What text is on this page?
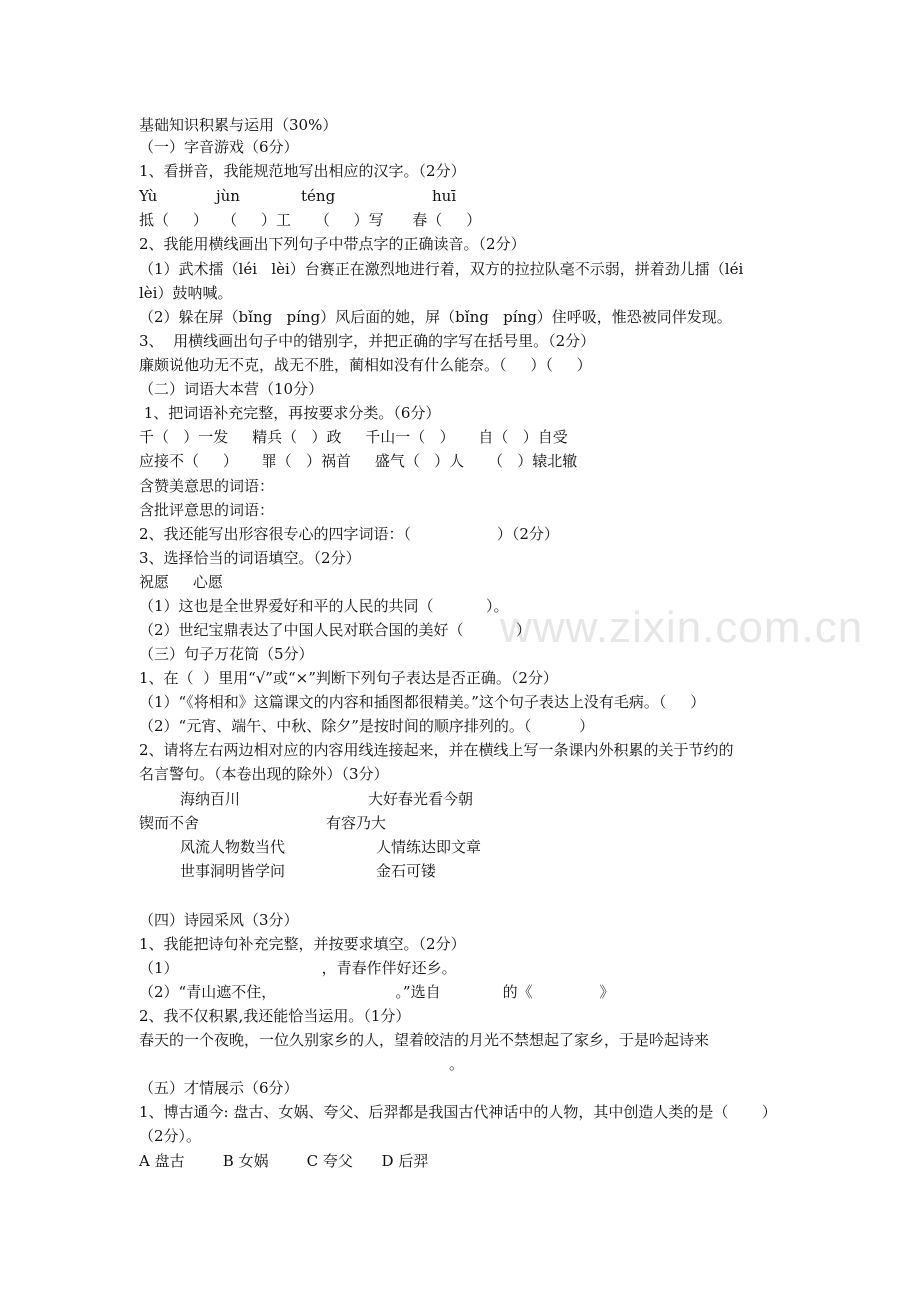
www.zixin.com.cn
基础知识积累与运用（30%）
（一）字音游戏（6分）
1、看拼音，我能规范地写出相应的汉字。（2分）
Yù	jùn	téng	huī
抵（     ）   （     ）工     （     ）写      春（     ）
2、我能用横线画出下列句子中带点字的正确读音。（2分）
（1）武术擂（léi   lèi）台赛正在激烈地进行着，双方的拉拉队毫不示弱，拼着劲儿擂（léi
lèi）鼓呐喊。
（2）躲在屏（bǐng   píng）风后面的她，屏（bǐng   píng）住呼吸，惟恐被同伴发现。
3、  用横线画出句子中的错别字，并把正确的字写在括号里。（2分）
廉颇说他功无不克，战无不胜，蔺相如没有什么能奈。（     ）（     ）
（二）词语大本营（10分）
1、把词语补充完整，再按要求分类。（6分）
千（   ）一发     精兵（   ）政     千山一（   ）     自（   ）自受
应接不（     ）     罪（   ）祸首     盛气（   ）人     （   ）辕北辙
含赞美意思的词语：
含批评意思的词语：
2、我还能写出形容很专心的四字词语：（                  ）（2分）
3、选择恰当的词语填空。（2分）
祝愿     心愿
（1）这也是全世界爱好和平的人民的共同（           ）。
（2）世纪宝鼎表达了中国人民对联合国的美好（           ）
（三）句子万花筒（5分）
1、在（  ）里用“√”或“×”判断下列句子表达是否正确。（2分）
（1）“《将相和》这篇课文的内容和插图都很精美。”这个句子表达上没有毛病。（     ）
（2）“元宵、端午、中秋、除夕”是按时间的顺序排列的。（          ）
2、请将左右两边相对应的内容用线连接起来，并在横线上写一条课内外积累的关于节约的
名言警句。（本卷出现的除外）（3分）
海纳百川	大好春光看今朝
锲而不舍	有容乃大
风流人物数当代	人情练达即文章
世事洞明皆学问	金石可镂
（四）诗园采风（3分）
1、我能把诗句补充完整，并按要求填空。（2分）
（1）                              ，青春作伴好还乡。
（2）“青山遮不住，                         。”选自             的《              》
2、我不仅积累,我还能恰当运用。（1分）
春天的一个夜晚，一位久别家乡的人，望着皎洁的月光不禁想起了家乡，于是吟起诗来
。
（五）才情展示（6分）
1、博古通今: 盘古、女娲、夸父、后羿都是我国古代神话中的人物，其中创造人类的是（       ）
（2分）。
A 盘古        B 女娲        C 夸父      D 后羿
